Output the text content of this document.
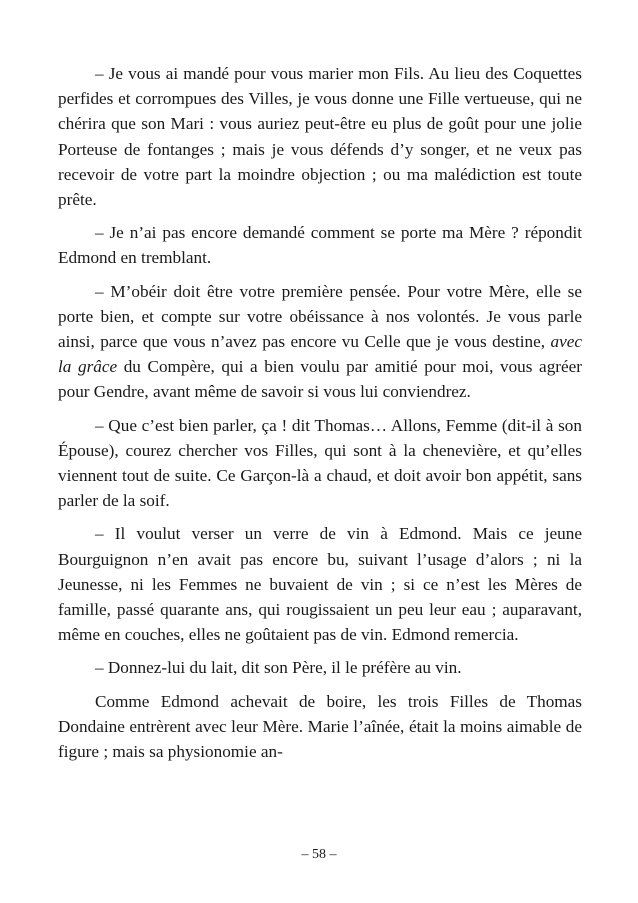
– Je vous ai mandé pour vous marier mon Fils. Au lieu des Coquettes perfides et corrompues des Villes, je vous donne une Fille vertueuse, qui ne chérira que son Mari : vous auriez peut-être eu plus de goût pour une jolie Porteuse de fontanges ; mais je vous défends d’y songer, et ne veux pas recevoir de votre part la moindre objection ; ou ma malédiction est toute prête.

– Je n’ai pas encore demandé comment se porte ma Mère ? répondit Edmond en tremblant.

– M’obéir doit être votre première pensée. Pour votre Mère, elle se porte bien, et compte sur votre obéissance à nos volontés. Je vous parle ainsi, parce que vous n’avez pas encore vu Celle que je vous destine, avec la grâce du Compère, qui a bien voulu par amitié pour moi, vous agréer pour Gendre, avant même de savoir si vous lui conviendrez.

– Que c’est bien parler, ça ! dit Thomas… Allons, Femme (dit-il à son Épouse), courez chercher vos Filles, qui sont à la chenevière, et qu’elles viennent tout de suite. Ce Garçon-là a chaud, et doit avoir bon appétit, sans parler de la soif.

– Il voulut verser un verre de vin à Edmond. Mais ce jeune Bourguignon n’en avait pas encore bu, suivant l’usage d’alors ; ni la Jeunesse, ni les Femmes ne buvaient de vin ; si ce n’est les Mères de famille, passé quarante ans, qui rougissaient un peu leur eau ; auparavant, même en couches, elles ne goûtaient pas de vin. Edmond remercia.

– Donnez-lui du lait, dit son Père, il le préfère au vin.

Comme Edmond achevait de boire, les trois Filles de Thomas Dondaine entrèrent avec leur Mère. Marie l’aînée, était la moins aimable de figure ; mais sa physionomie an-

– 58 –
